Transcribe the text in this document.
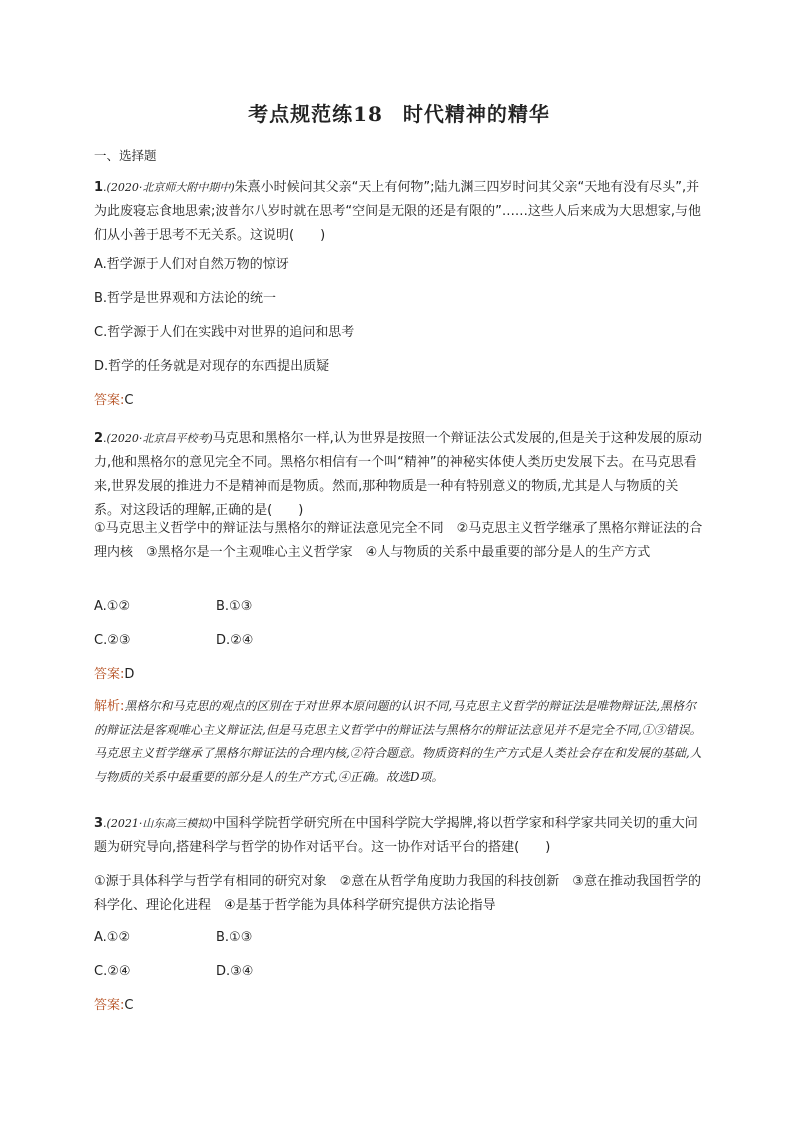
考点规范练18 时代精神的精华
一、选择题
1.(2020·北京师大附中期中)朱熹小时候问其父亲“天上有何物”;陆九渊三四岁时问其父亲“天地有没有尽头”,并为此废寝忘食地思索;波普尔八岁时就在思考“空间是无限的还是有限的”……这些人后来成为大思想家,与他们从小善于思考不无关系。这说明(　　)
A.哲学源于人们对自然万物的惊讶
B.哲学是世界观和方法论的统一
C.哲学源于人们在实践中对世界的追问和思考
D.哲学的任务就是对现存的东西提出质疑
答案:C
2.(2020·北京昌平校考)马克思和黑格尔一样,认为世界是按照一个辩证法公式发展的,但是关于这种发展的原动力,他和黑格尔的意见完全不同。黑格尔相信有一个叫“精神”的神秘实体使人类历史发展下去。在马克思看来,世界发展的推进力不是精神而是物质。然而,那种物质是一种有特别意义的物质,尤其是人与物质的关系。对这段话的理解,正确的是(　　)
①马克思主义哲学中的辩证法与黑格尔的辩证法意见完全不同　②马克思主义哲学继承了黑格尔辩证法的合理内核　③黑格尔是一个主观唯心主义哲学家　④人与物质的关系中最重要的部分是人的生产方式
A.①②	B.①③
C.②③	D.②④
答案:D
解析:黑格尔和马克思的观点的区别在于对世界本原问题的认识不同,马克思主义哲学的辩证法是唯物辩证法,黑格尔的辩证法是客观唯心主义辩证法,但是马克思主义哲学中的辩证法与黑格尔的辩证法意见并不是完全不同,①③错误。马克思主义哲学继承了黑格尔辩证法的合理内核,②符合题意。物质资料的生产方式是人类社会存在和发展的基础,人与物质的关系中最重要的部分是人的生产方式,④正确。故选D项。
3.(2021·山东高三模拟)中国科学院哲学研究所在中国科学院大学揭牌,将以哲学家和科学家共同关切的重大问题为研究导向,搭建科学与哲学的协作对话平台。这一协作对话平台的搭建(　　)
①源于具体科学与哲学有相同的研究对象　②意在从哲学角度助力我国的科技创新　③意在推动我国哲学的科学化、理论化进程　④是基于哲学能为具体科学研究提供方法论指导
A.①②	B.①③
C.②④	D.③④
答案:C
